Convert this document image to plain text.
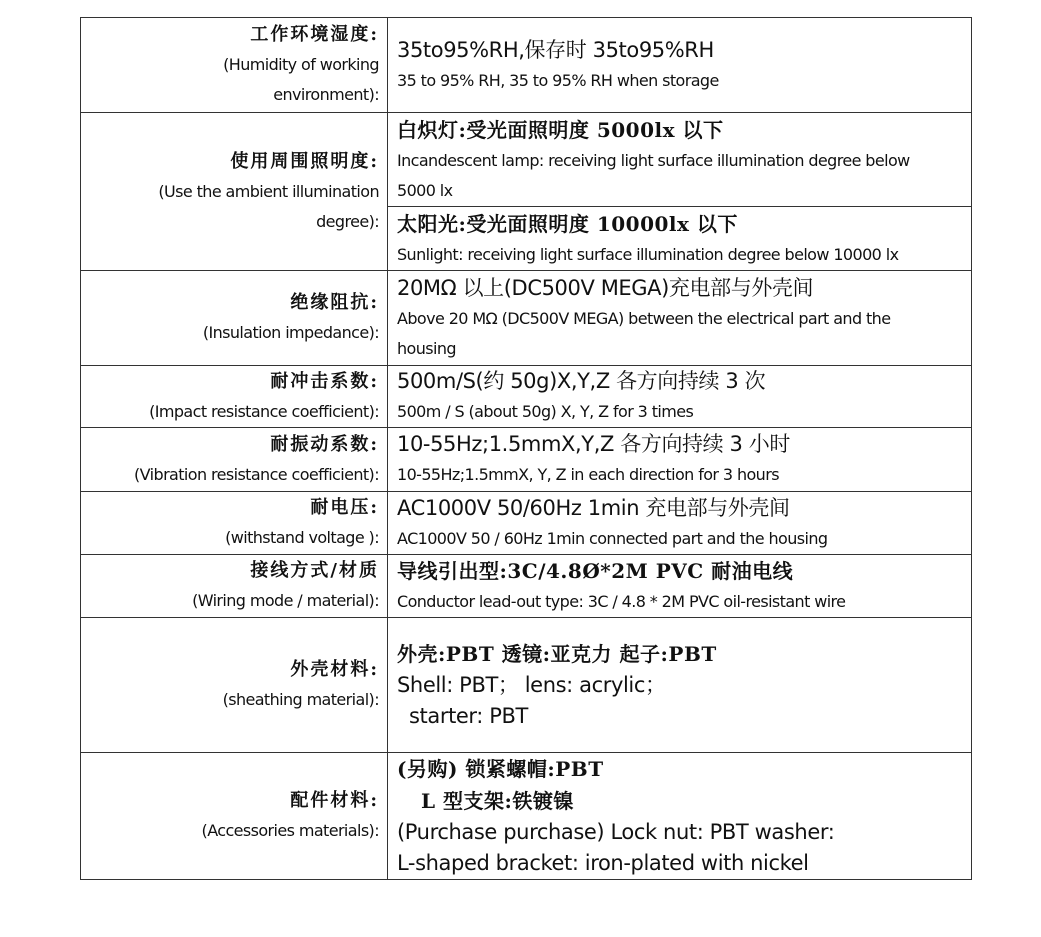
工作环境湿度:
(Humidity of working
environment):	35to95%RH,保存时 35to95%RH
35 to 95% RH, 35 to 95% RH when storage

使用周围照明度:
(Use the ambient illumination
degree):	白炽灯:受光面照明度 5000lx 以下
Incandescent lamp: receiving light surface illumination degree below
5000 lx

	太阳光:受光面照明度 10000lx 以下
Sunlight: receiving light surface illumination degree below 10000 lx

绝缘阻抗:
(Insulation impedance):	20MΩ 以上(DC500V MEGA)充电部与外壳间
Above 20 MΩ (DC500V MEGA) between the electrical part and the
housing

耐冲击系数:
(Impact resistance coefficient):	500m/S(约 50g)X,Y,Z 各方向持续 3 次
500m / S (about 50g) X, Y, Z for 3 times

耐振动系数:
(Vibration resistance coefficient):	10-55Hz;1.5mmX,Y,Z 各方向持续 3 小时
10-55Hz;1.5mmX, Y, Z in each direction for 3 hours

耐电压:
(withstand voltage ):	AC1000V 50/60Hz 1min 充电部与外壳间
AC1000V 50 / 60Hz 1min connected part and the housing

接线方式/材质
(Wiring mode / material):	导线引出型:3C/4.8Ø*2M PVC 耐油电线
Conductor lead-out type: 3C / 4.8 * 2M PVC oil-resistant wire

外壳材料:
(sheathing material):	外壳:PBT 透镜:亚克力 起子:PBT
Shell: PBT； lens: acrylic；
starter: PBT

配件材料:
(Accessories materials):	(另购) 锁紧螺帽:PBT
L 型支架:铁镀镍
(Purchase purchase) Lock nut: PBT washer:
L-shaped bracket: iron-plated with nickel
